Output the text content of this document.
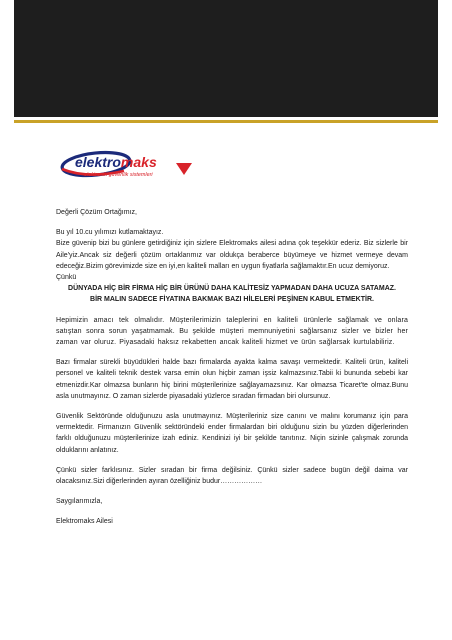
elektromaks
elektronik güvenlik sistemleri

Değerli Çözüm Ortağımız,

Bu yıl 10.cu yılımızı kutlamaktayız.

Bize güvenip bizi bu günlere getirdiğiniz için sizlere Elektromaks ailesi adına çok teşekkür ederiz. Biz sizlerle bir Aile'yiz.Ancak siz değerli çözüm ortaklarımız var oldukça beraberce büyümeye ve hizmet vermeye devam edeceğiz.Bizim görevimizde size en iyi,en kaliteli malları en uygun fiyatlarla sağlamaktır.En ucuz demiyoruz.

Çünkü

DÜNYADA HİÇ BİR FİRMA HİÇ BİR ÜRÜNÜ DAHA KALİTESİZ YAPMADAN DAHA UCUZA SATAMAZ.

BİR MALIN SADECE FİYATINA BAKMAK BAZI HİLELERİ PEŞİNEN KABUL ETMEKTİR.

Hepimizin amacı tek olmalıdır. Müşterilerimizin taleplerini en kaliteli ürünlerle sağlamak ve onlara satıştan sonra sorun yaşatmamak. Bu şekilde müşteri memnuniyetini sağlarsanız sizler ve bizler her zaman var oluruz. Piyasadaki haksız rekabetten ancak kaliteli hizmet ve ürün sağlarsak kurtulabiliriz.

Bazı firmalar sürekli büyüdükleri halde bazı firmalarda ayakta kalma savaşı vermektedir. Kaliteli ürün, kaliteli personel ve kaliteli teknik destek varsa emin olun hiçbir zaman işsiz kalmazsınız.Tabii ki bununda sebebi kar etmenizdir.Kar olmazsa bunların hiç birini müşterilerinize sağlayamazsınız. Kar olmazsa Ticaret'te olmaz.Bunu asla unutmayınız. O zaman sizlerde piyasadaki yüzlerce sıradan firmadan biri olursunuz.

Güvenlik Sektöründe olduğunuzu asla unutmayınız. Müşterileriniz size canını ve malını korumanız için para vermektedir. Firmanızın Güvenlik sektöründeki ender firmalardan biri olduğunu sizin bu yüzden diğerlerinden farklı olduğunuzu müşterilerinize izah ediniz. Kendinizi iyi bir şekilde tanıtınız. Niçin sizinle çalışmak zorunda olduklarını anlatınız.

Çünkü sizler farklısınız. Sizler sıradan bir firma değilsiniz. Çünkü sizler sadece bugün değil daima var olacaksınız.Sizi diğerlerinden ayıran özelliğiniz budur………………

Saygılarımızla,

Elektromaks Ailesi
